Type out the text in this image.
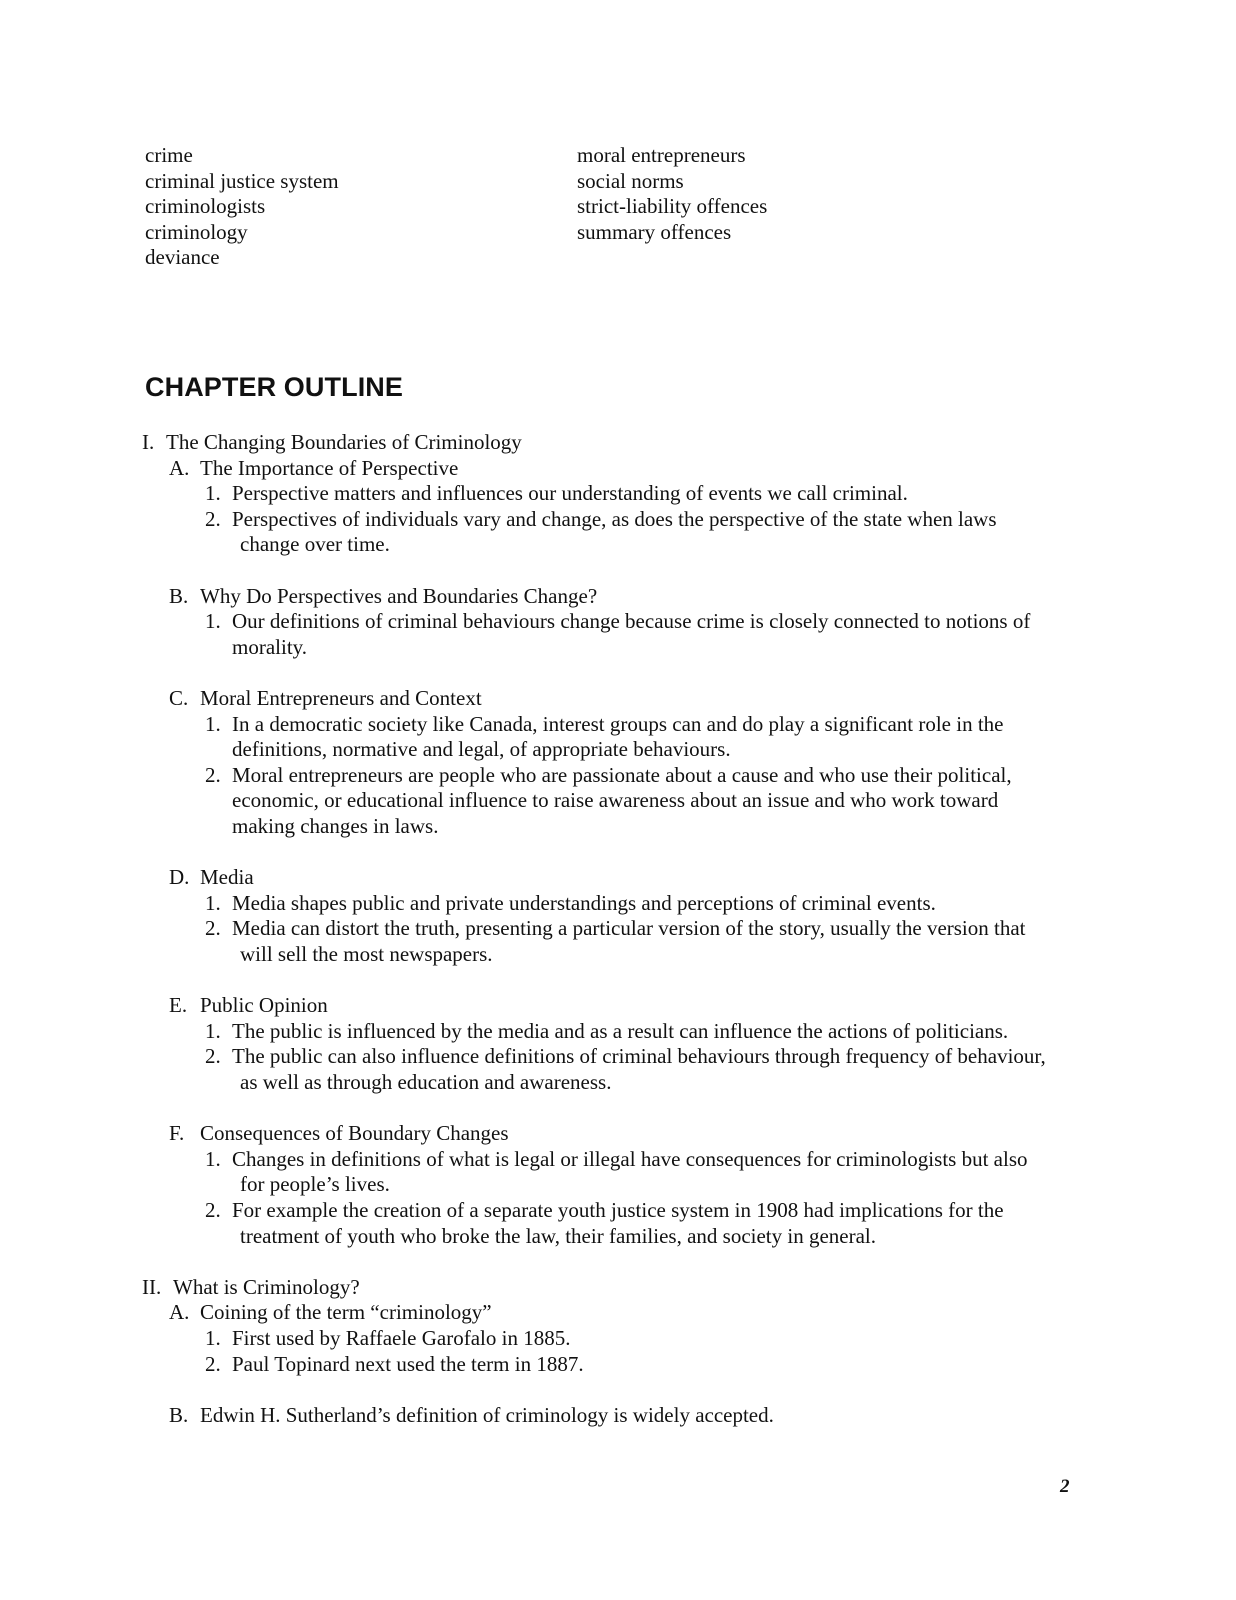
crime
criminal justice system
criminologists
criminology
deviance
moral entrepreneurs
social norms
strict-liability offences
summary offences
CHAPTER OUTLINE
I. The Changing Boundaries of Criminology
A. The Importance of Perspective
1. Perspective matters and influences our understanding of events we call criminal.
2. Perspectives of individuals vary and change, as does the perspective of the state when laws
change over time.
B. Why Do Perspectives and Boundaries Change?
1. Our definitions of criminal behaviours change because crime is closely connected to notions of
morality.
C. Moral Entrepreneurs and Context
1. In a democratic society like Canada, interest groups can and do play a significant role in the
definitions, normative and legal, of appropriate behaviours.
2. Moral entrepreneurs are people who are passionate about a cause and who use their political,
economic, or educational influence to raise awareness about an issue and who work toward
making changes in laws.
D. Media
1. Media shapes public and private understandings and perceptions of criminal events.
2. Media can distort the truth, presenting a particular version of the story, usually the version that
will sell the most newspapers.
E. Public Opinion
1. The public is influenced by the media and as a result can influence the actions of politicians.
2. The public can also influence definitions of criminal behaviours through frequency of behaviour,
as well as through education and awareness.
F. Consequences of Boundary Changes
1. Changes in definitions of what is legal or illegal have consequences for criminologists but also
for people’s lives.
2. For example the creation of a separate youth justice system in 1908 had implications for the
treatment of youth who broke the law, their families, and society in general.
II. What is Criminology?
A. Coining of the term “criminology”
1. First used by Raffaele Garofalo in 1885.
2. Paul Topinard next used the term in 1887.
B. Edwin H. Sutherland’s definition of criminology is widely accepted.
2
